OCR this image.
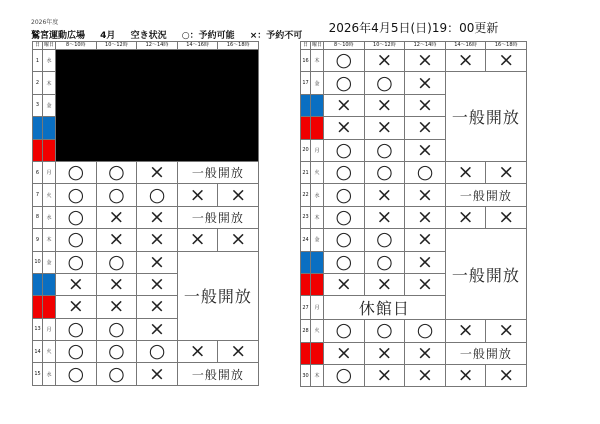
2026年度
鷲宮運動広場 4月 空き状況 ○：予約可能 ×：予約不可
2026年4月5日(日)19：00更新
日	曜日	8～10時	10～12時	12～14時	14～16時	16～18時
1	水					
2	木					
3	金					
4	土					
5	日					
6	月	○	○	×	一般開放	
7	火	○	○	○	×	×
8	水	○	×	×	一般開放	
9	木	○	×	×	×	×
10	金	○	○	×	一般開放	
11	土	×	×	×		
12	日	×	×	×		
13	月	○	○	×		
14	火	○	○	○	×	×
15	水	○	○	×	一般開放	
日	曜日	8～10時	10～12時	12～14時	14～16時	16～18時
16	木	○	×	×	×	×
17	金	○	○	×	一般開放	
18	土	×	×	×		
19	日	×	×	×		
20	月	○	○	×		
21	火	○	○	○	×	×
22	水	○	×	×	一般開放	
23	木	○	×	×	×	×
24	金	○	○	×	一般開放	
25	土	○	○	×		
26	日	×	×	×		
27	月	休館日				
28	火	○	○	○	×	×
29	水	×	×	×	一般開放	
30	木	○	×	×	×	×
